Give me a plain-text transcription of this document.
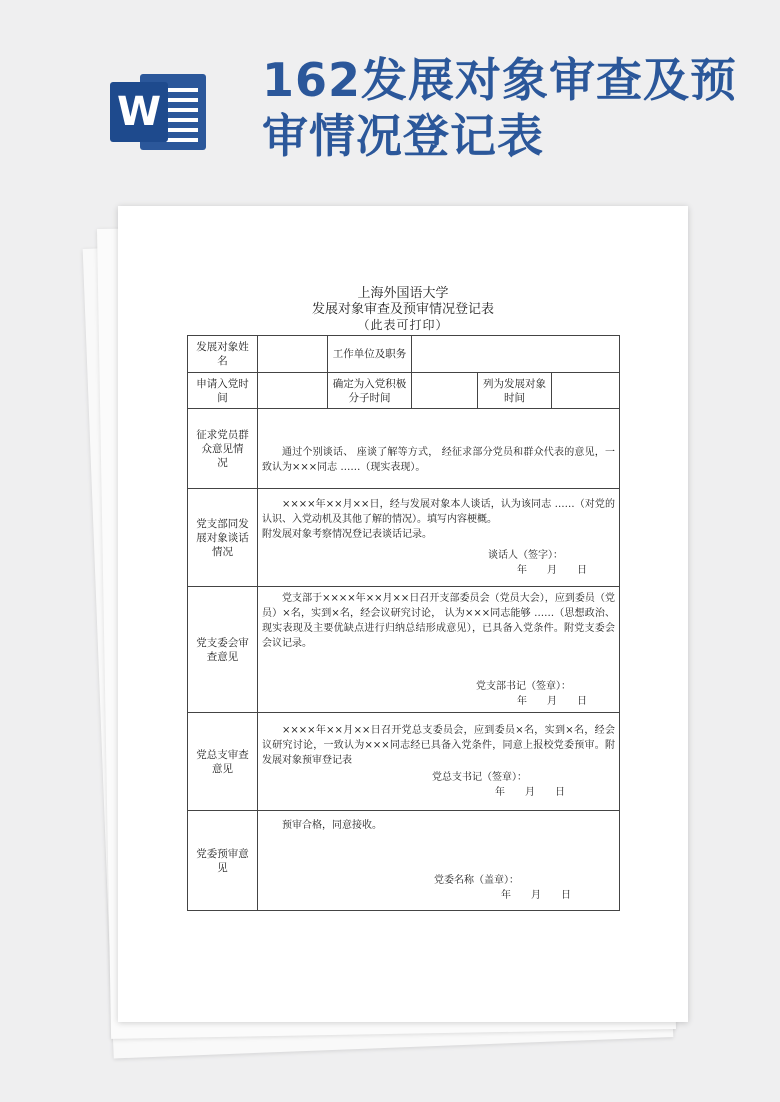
W
162发展对象审查及预审情况登记表
上海外国语大学
发展对象审查及预审情况登记表
（此表可打印）
发展对象姓　　名		工作单位及职务			
申请入党时间		确定为入党积极分子时间		列为发展对象时间	
征求党员群众意见情　　况	通过个别谈话、 座谈了解等方式， 经征求部分党员和群众代表的意见，一致认为×××同志 ……（现实表现）。				

党支部同发展对象谈话情况	××××年××月××日，经与发展对象本人谈话，认为该同志 ……（对党的认识、入党动机及其他了解的情况）。填写内容梗概。
附发展对象考察情况登记表谈话记录。
谈话人（签字）：
年　　月　　日				

党支委会审查意见	党支部于××××年××月××日召开支部委员会（党员大会），应到委员（党员）×名，实到×名，经会议研究讨论， 认为×××同志能够 ……（思想政治、现实表现及主要优缺点进行归纳总结形成意见），已具备入党条件。附党支委会会议记录。
党支部书记（签章）：
年　　月　　日				

党总支审查意见	××××年××月××日召开党总支委员会，应到委员×名，实到×名，经会议研究讨论，一致认为×××同志经已具备入党条件，同意上报校党委预审。附发展对象预审登记表
党总支书记（签章）：
年　　月　　日				

党委预审意见	预审合格，同意接收。
党委名称（盖章）：
年　　月　　日				
